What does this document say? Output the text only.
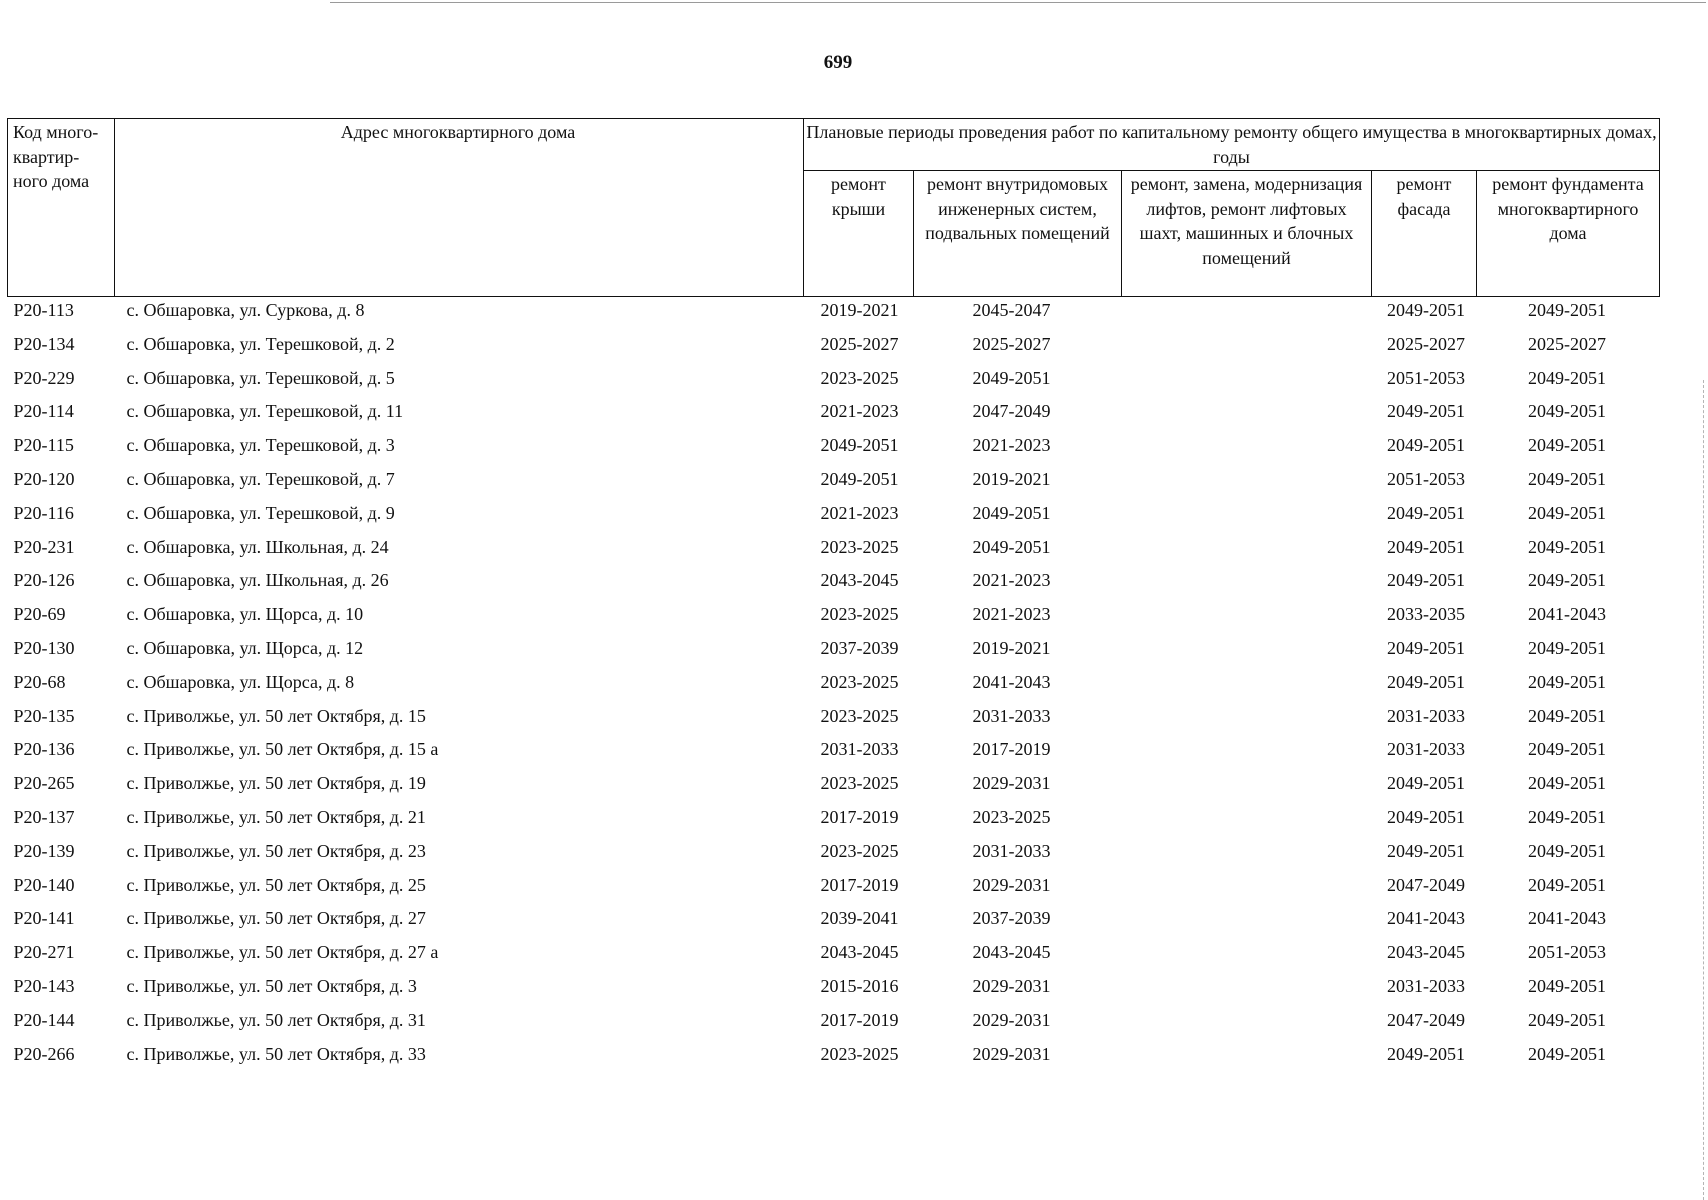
699
Код много-квартир-ного дома	Адрес многоквартирного дома	Плановые периоды проведения работ по капитальному ремонту общего имущества в многоквартирных домах, годы				
		ремонт крыши	ремонт внутридомовых инженерных систем, подвальных помещений	ремонт, замена, модернизация лифтов, ремонт лифтовых шахт, машинных и блочных помещений	ремонт фасада	ремонт фундамента многоквартирного дома
Р20-113	с. Обшаровка, ул. Суркова, д. 8	2019-2021	2045-2047		2049-2051	2049-2051
Р20-134	с. Обшаровка, ул. Терешковой, д. 2	2025-2027	2025-2027		2025-2027	2025-2027
Р20-229	с. Обшаровка, ул. Терешковой, д. 5	2023-2025	2049-2051		2051-2053	2049-2051
Р20-114	с. Обшаровка, ул. Терешковой, д. 11	2021-2023	2047-2049		2049-2051	2049-2051
Р20-115	с. Обшаровка, ул. Терешковой, д. 3	2049-2051	2021-2023		2049-2051	2049-2051
Р20-120	с. Обшаровка, ул. Терешковой, д. 7	2049-2051	2019-2021		2051-2053	2049-2051
Р20-116	с. Обшаровка, ул. Терешковой, д. 9	2021-2023	2049-2051		2049-2051	2049-2051
Р20-231	с. Обшаровка, ул. Школьная, д. 24	2023-2025	2049-2051		2049-2051	2049-2051
Р20-126	с. Обшаровка, ул. Школьная, д. 26	2043-2045	2021-2023		2049-2051	2049-2051
Р20-69	с. Обшаровка, ул. Щорса, д. 10	2023-2025	2021-2023		2033-2035	2041-2043
Р20-130	с. Обшаровка, ул. Щорса, д. 12	2037-2039	2019-2021		2049-2051	2049-2051
Р20-68	с. Обшаровка, ул. Щорса, д. 8	2023-2025	2041-2043		2049-2051	2049-2051
Р20-135	с. Приволжье, ул. 50 лет Октября, д. 15	2023-2025	2031-2033		2031-2033	2049-2051
Р20-136	с. Приволжье, ул. 50 лет Октября, д. 15 а	2031-2033	2017-2019		2031-2033	2049-2051
Р20-265	с. Приволжье, ул. 50 лет Октября, д. 19	2023-2025	2029-2031		2049-2051	2049-2051
Р20-137	с. Приволжье, ул. 50 лет Октября, д. 21	2017-2019	2023-2025		2049-2051	2049-2051
Р20-139	с. Приволжье, ул. 50 лет Октября, д. 23	2023-2025	2031-2033		2049-2051	2049-2051
Р20-140	с. Приволжье, ул. 50 лет Октября, д. 25	2017-2019	2029-2031		2047-2049	2049-2051
Р20-141	с. Приволжье, ул. 50 лет Октября, д. 27	2039-2041	2037-2039		2041-2043	2041-2043
Р20-271	с. Приволжье, ул. 50 лет Октября, д. 27 а	2043-2045	2043-2045		2043-2045	2051-2053
Р20-143	с. Приволжье, ул. 50 лет Октября, д. 3	2015-2016	2029-2031		2031-2033	2049-2051
Р20-144	с. Приволжье, ул. 50 лет Октября, д. 31	2017-2019	2029-2031		2047-2049	2049-2051
Р20-266	с. Приволжье, ул. 50 лет Октября, д. 33	2023-2025	2029-2031		2049-2051	2049-2051
